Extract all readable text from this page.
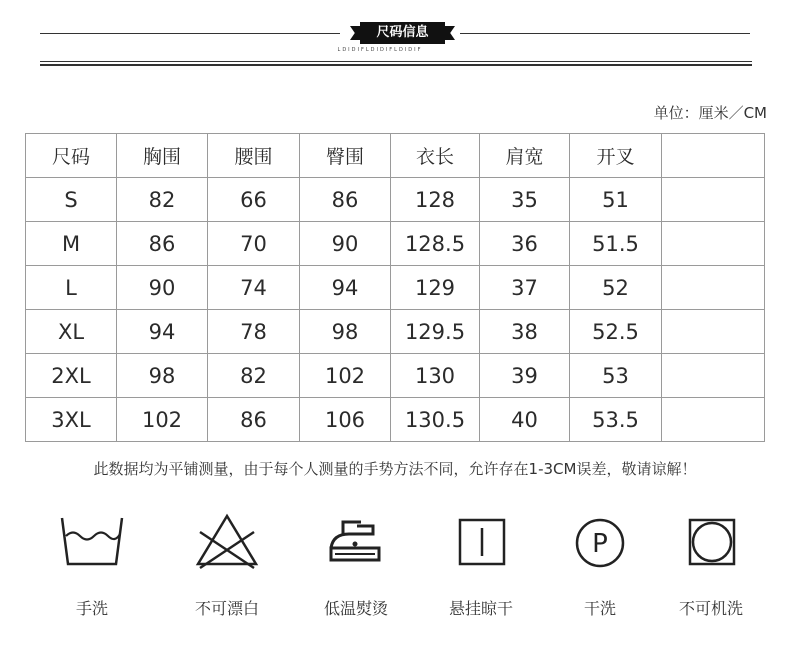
尺码信息
LDIDIFLDIDIFLDIDIF
单位：厘米／CM
尺码	胸围	腰围	臀围	衣长	肩宽	开叉	
S	82	66	86	128	35	51	
M	86	70	90	128.5	36	51.5	
L	90	74	94	129	37	52	
XL	94	78	98	129.5	38	52.5	
2XL	98	82	102	130	39	53	
3XL	102	86	106	130.5	40	53.5	
此数据均为平铺测量，由于每个人测量的手势方法不同，允许存在1-3CM误差，敬请谅解！
手洗	不可漂白	低温熨烫	悬挂晾干
P
干洗	不可机洗
